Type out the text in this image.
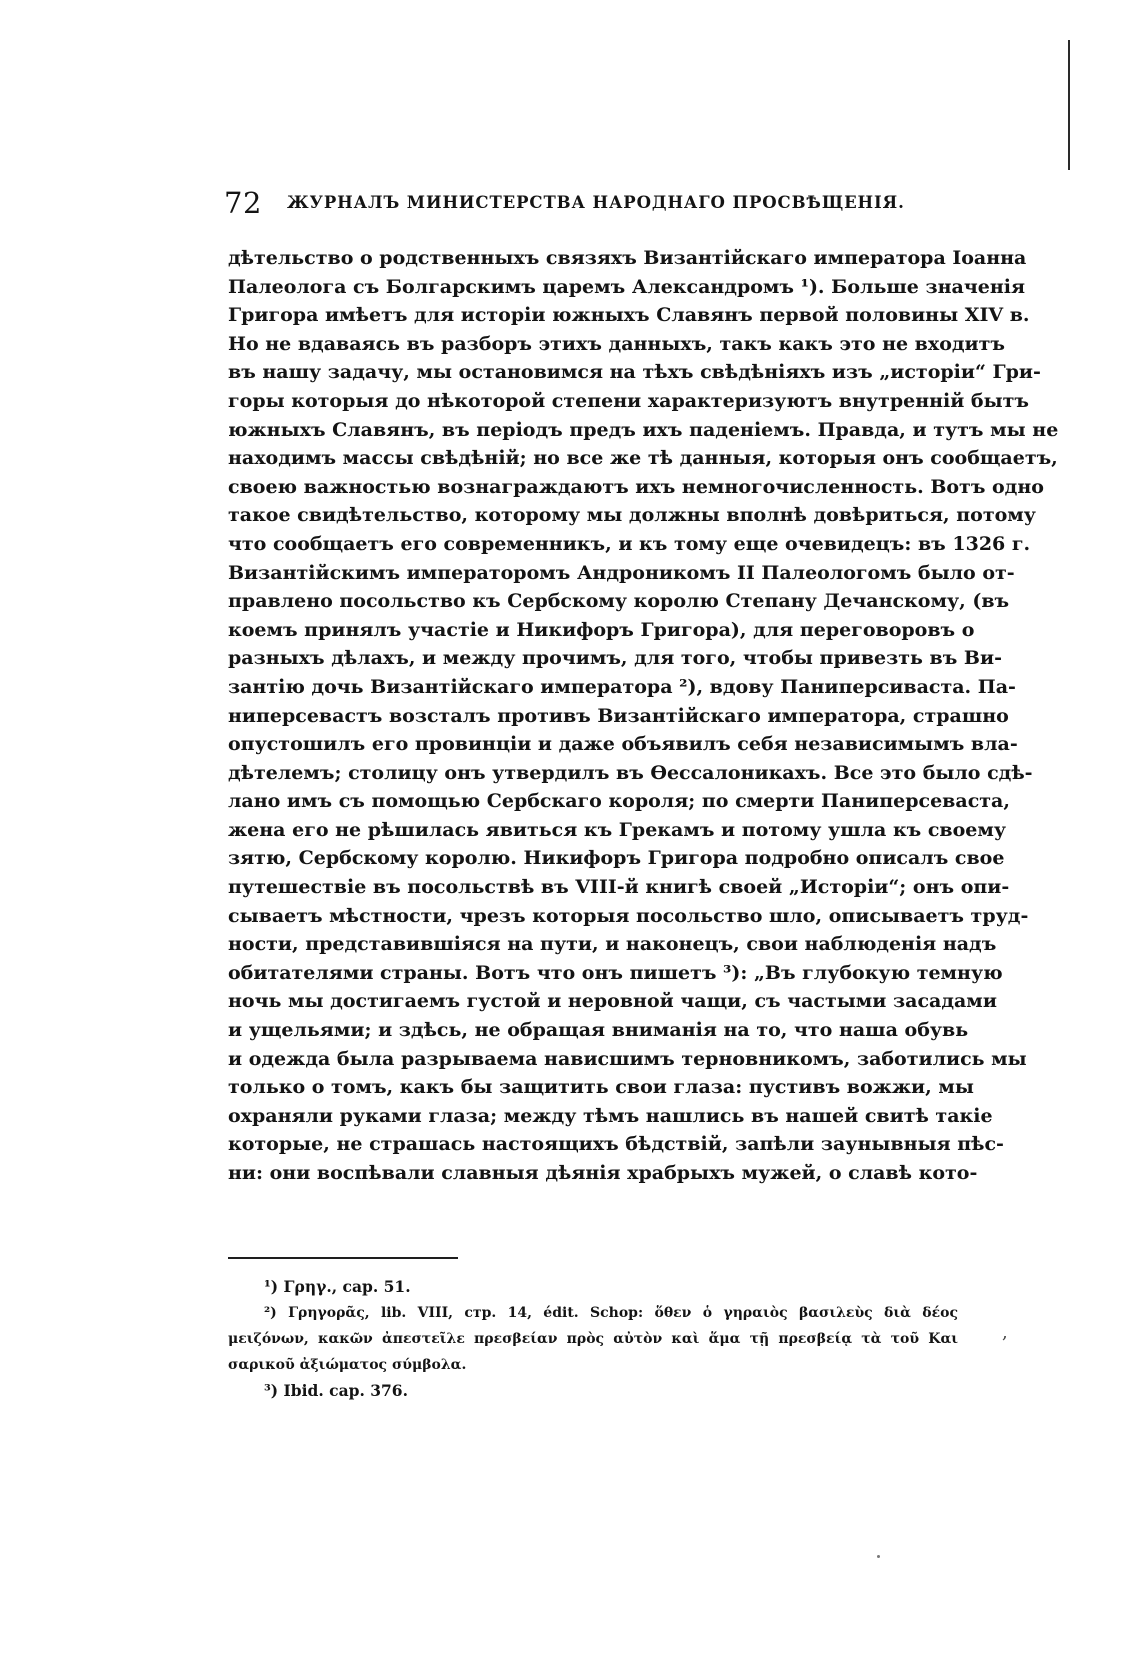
72 ЖУРНАЛЪ МИНИСТЕРСТВА НАРОДНАГО ПРОСВѢЩЕНІЯ.
дѣтельство о родственныхъ связяхъ Византійскаго императора Іоанна
Палеолога съ Болгарскимъ царемъ Александромъ ¹). Больше значенія
Григора имѣетъ для исторіи южныхъ Славянъ первой половины XIV в.
Но не вдаваясь въ разборъ этихъ данныхъ, такъ какъ это не входитъ
въ нашу задачу, мы остановимся на тѣхъ свѣдѣніяхъ изъ „исторіи“ Гри-
горы которыя до нѣкоторой степени характеризуютъ внутренній бытъ
южныхъ Славянъ, въ періодъ предъ ихъ паденіемъ. Правда, и тутъ мы не
находимъ массы свѣдѣній; но все же тѣ данныя, которыя онъ сообщаетъ,
своею важностью вознаграждаютъ ихъ немногочисленность. Вотъ одно
такое свидѣтельство, которому мы должны вполнѣ довѣриться, потому
что сообщаетъ его современникъ, и къ тому еще очевидецъ: въ 1326 г.
Византійскимъ императоромъ Андроникомъ II Палеологомъ было от-
правлено посольство къ Сербскому королю Степану Дечанскому, (въ
коемъ принялъ участіе и Никифоръ Григора), для переговоровъ о
разныхъ дѣлахъ, и между прочимъ, для того, чтобы привезть въ Ви-
зантію дочь Византійскаго императора ²), вдову Паниперсиваста. Па-
ниперсевастъ возсталъ противъ Византійскаго императора, страшно
опустошилъ его провинціи и даже объявилъ себя независимымъ вла-
дѣтелемъ; столицу онъ утвердилъ въ Ѳессалоникахъ. Все это было сдѣ-
лано имъ съ помощью Сербскаго короля; по смерти Паниперсеваста,
жена его не рѣшилась явиться къ Грекамъ и потому ушла къ своему
зятю, Сербскому королю. Никифоръ Григора подробно описалъ свое
путешествіе въ посольствѣ въ VIII-й книгѣ своей „Исторіи“; онъ опи-
сываетъ мѣстности, чрезъ которыя посольство шло, описываетъ труд-
ности, представившіяся на пути, и наконецъ, свои наблюденія надъ
обитателями страны. Вотъ что онъ пишетъ ³): „Въ глубокую темную
ночь мы достигаемъ густой и неровной чащи, съ частыми засадами
и ущельями; и здѣсь, не обращая вниманія на то, что наша обувь
и одежда была разрываема нависшимъ терновникомъ, заботились мы
только о томъ, какъ бы защитить свои глаза: пустивъ вожжи, мы
охраняли руками глаза; между тѣмъ нашлись въ нашей свитѣ такіе
которые, не страшась настоящихъ бѣдствій, запѣли заунывныя пѣс-
ни: они воспѣвали славныя дѣянія храбрыхъ мужей, о славѣ кото-
¹) Γρηγ., cap. 51.
²) Γρηγορᾶς, lib. VIII, стр. 14, édit. Schop: ὅθεν ὁ γηραιὸς βασιλεὺς διὰ δέος
μειζόνων, κακῶν ἀπεστεῖλε πρεσβείαν πρὸς αὐτὸν καὶ ἅμα τῇ πρεσβείᾳ τὰ τοῦ Και
σαρικοῦ ἀξιώματος σύμβολα.
³) Ibid. cap. 376.
,
